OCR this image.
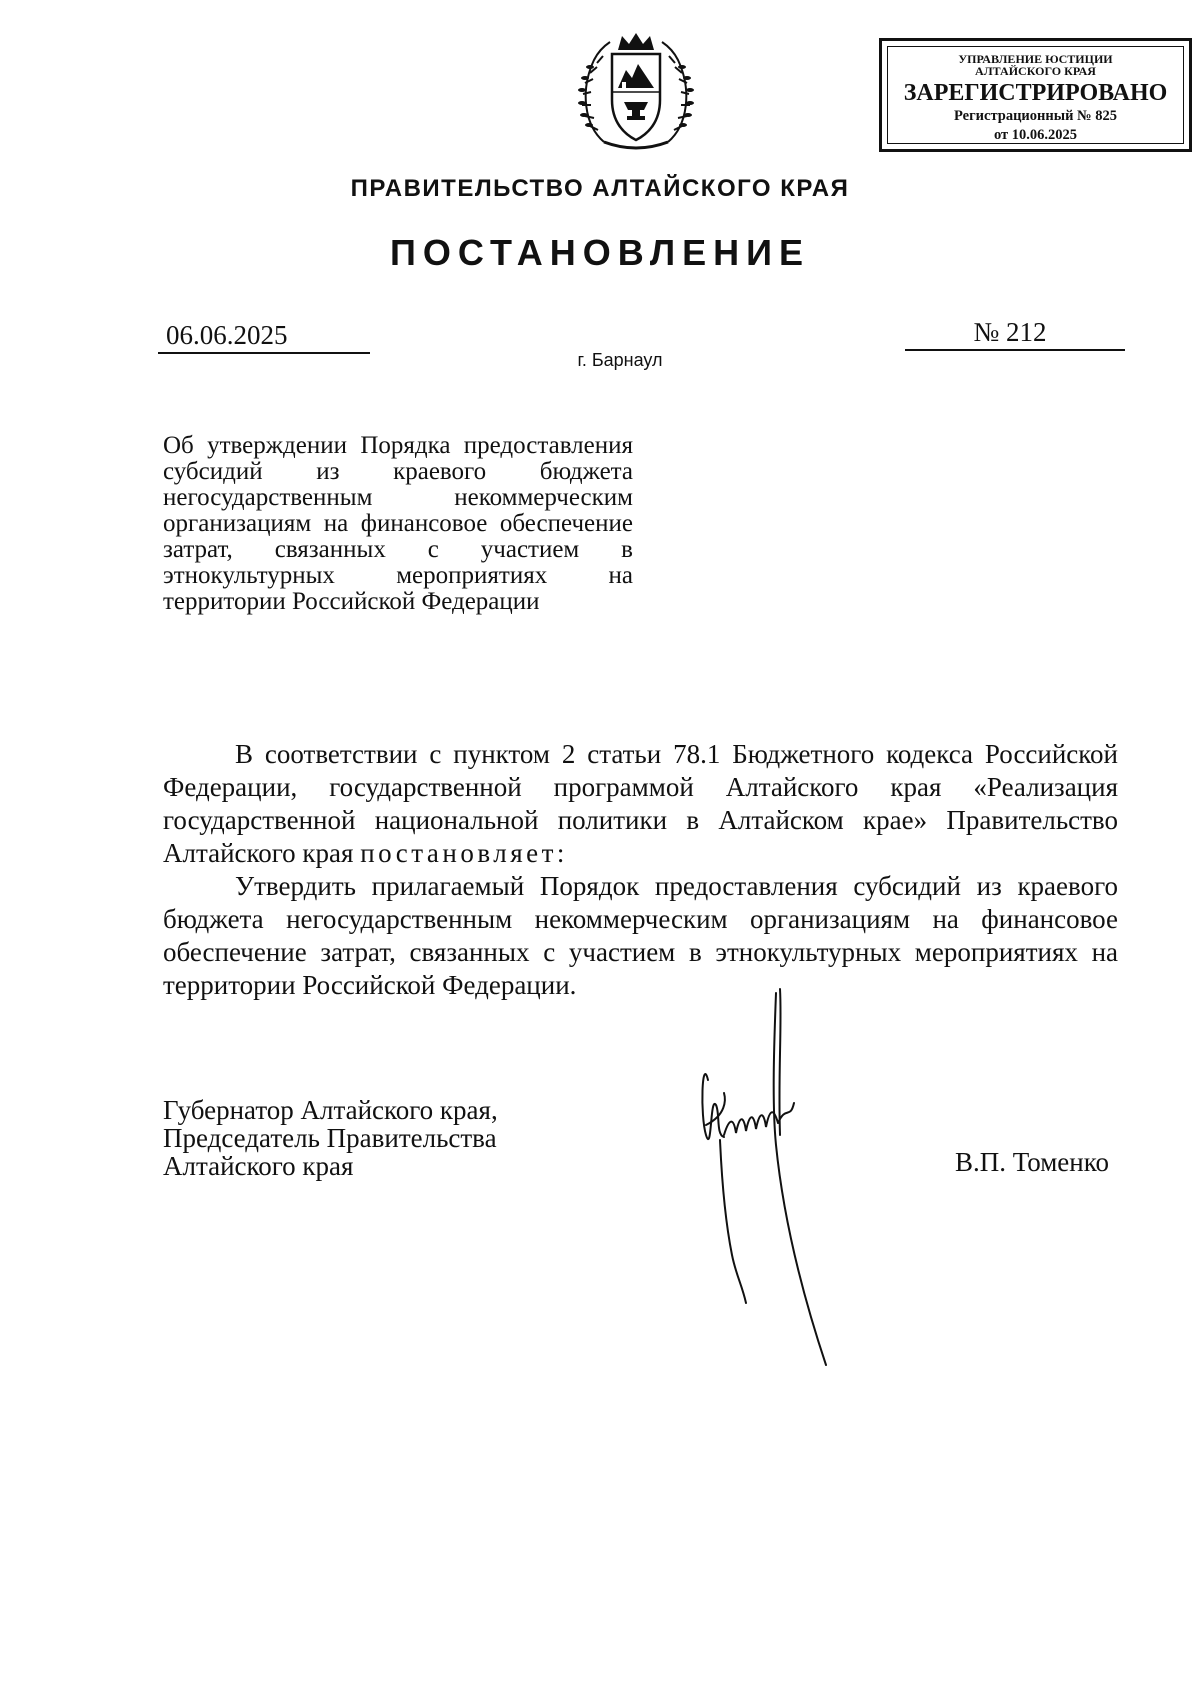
УПРАВЛЕНИЕ ЮСТИЦИИ АЛТАЙСКОГО КРАЯ
ЗАРЕГИСТРИРОВАНО
Регистрационный № 825
от 10.06.2025
ПРАВИТЕЛЬСТВО АЛТАЙСКОГО КРАЯ
ПОСТАНОВЛЕНИЕ
06.06.2025	№ 212
г. Барнаул
Об утверждении Порядка предоставления субсидий из краевого бюджета негосударственным некоммерческим организациям на финансовое обеспечение затрат, связанных с участием в этнокультурных мероприятиях на территории Российской Федерации

В соответствии с пунктом 2 статьи 78.1 Бюджетного кодекса Российской Федерации, государственной программой Алтайского края «Реализация государственной национальной политики в Алтайском крае» Правительство Алтайского края постановляет:

Утвердить прилагаемый Порядок предоставления субсидий из краевого бюджета негосударственным некоммерческим организациям на финансовое обеспечение затрат, связанных с участием в этнокультурных мероприятиях на территории Российской Федерации.

Губернатор Алтайского края,
Председатель Правительства
Алтайского края	В.П. Томенко
